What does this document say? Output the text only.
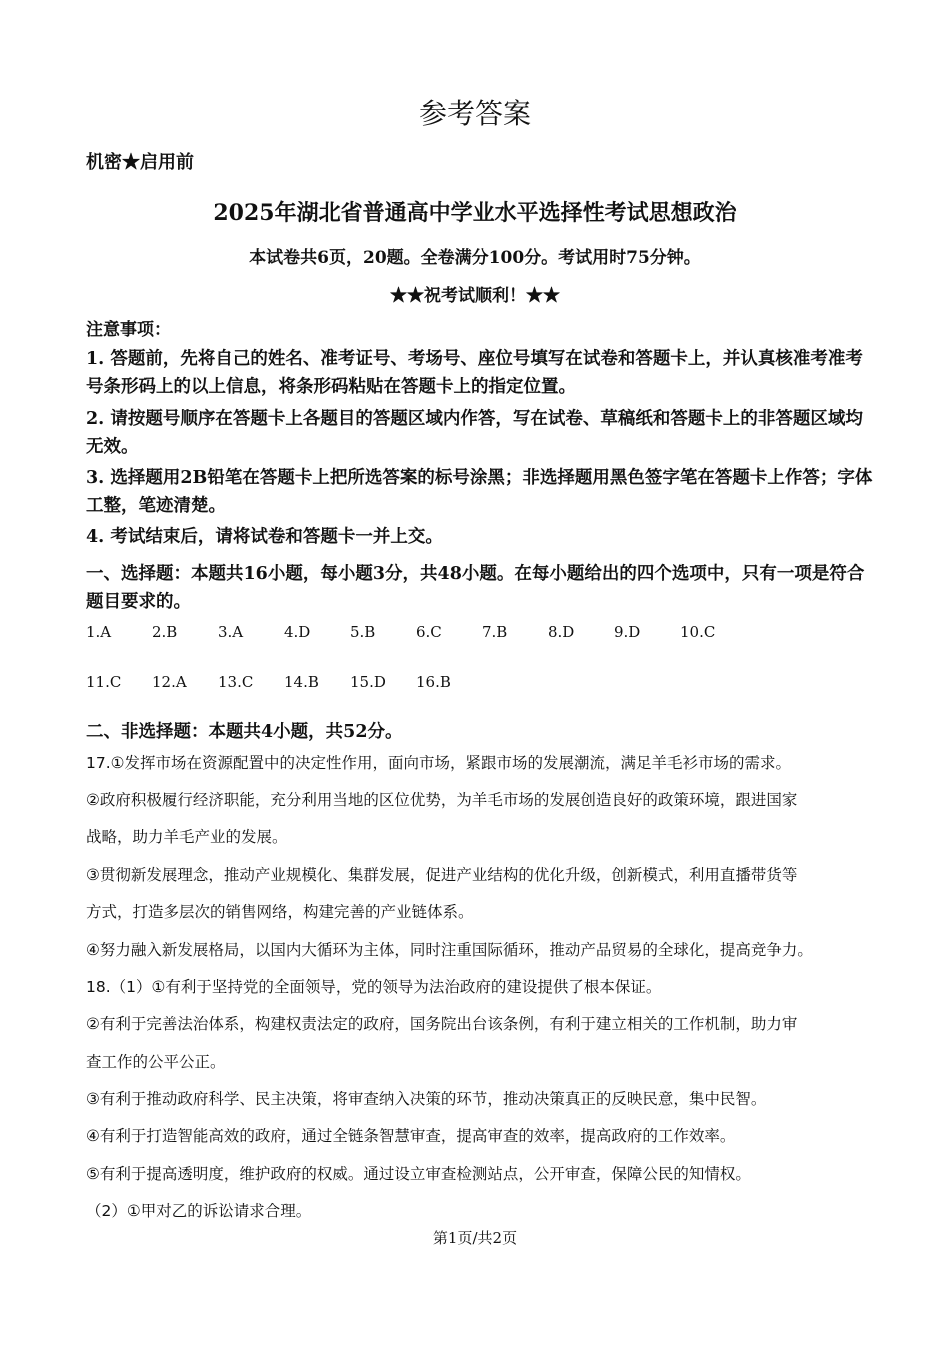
参考答案
机密★启用前
2025年湖北省普通高中学业水平选择性考试思想政治
本试卷共6页，20题。全卷满分100分。考试用时75分钟。
★★祝考试顺利！★★
注意事项：
1. 答题前，先将自己的姓名、准考证号、考场号、座位号填写在试卷和答题卡上，并认真核准考准考号条形码上的以上信息，将条形码粘贴在答题卡上的指定位置。
2. 请按题号顺序在答题卡上各题目的答题区域内作答，写在试卷、草稿纸和答题卡上的非答题区域均无效。
3. 选择题用2B铅笔在答题卡上把所选答案的标号涂黑；非选择题用黑色签字笔在答题卡上作答；字体工整，笔迹清楚。
4. 考试结束后，请将试卷和答题卡一并上交。
一、选择题：本题共16小题，每小题3分，共48小题。在每小题给出的四个选项中，只有一项是符合题目要求的。
1.A	2.B	3.A	4.D	5.B	6.C	7.B	8.D	9.D	10.C
11.C 12.A 13.C 14.B 15.D 16.B
二、非选择题：本题共4小题，共52分。
17.①发挥市场在资源配置中的决定性作用，面向市场，紧跟市场的发展潮流，满足羊毛衫市场的需求。
②政府积极履行经济职能，充分利用当地的区位优势，为羊毛市场的发展创造良好的政策环境，跟进国家
战略，助力羊毛产业的发展。
③贯彻新发展理念，推动产业规模化、集群发展，促进产业结构的优化升级，创新模式，利用直播带货等
方式，打造多层次的销售网络，构建完善的产业链体系。
④努力融入新发展格局，以国内大循环为主体，同时注重国际循环，推动产品贸易的全球化，提高竞争力。
18.（1）①有利于坚持党的全面领导，党的领导为法治政府的建设提供了根本保证。
②有利于完善法治体系，构建权责法定的政府，国务院出台该条例，有利于建立相关的工作机制，助力审
查工作的公平公正。
③有利于推动政府科学、民主决策，将审查纳入决策的环节，推动决策真正的反映民意，集中民智。
④有利于打造智能高效的政府，通过全链条智慧审查，提高审查的效率，提高政府的工作效率。
⑤有利于提高透明度，维护政府的权威。通过设立审查检测站点，公开审查，保障公民的知情权。
（2）①甲对乙的诉讼请求合理。
第1页/共2页
